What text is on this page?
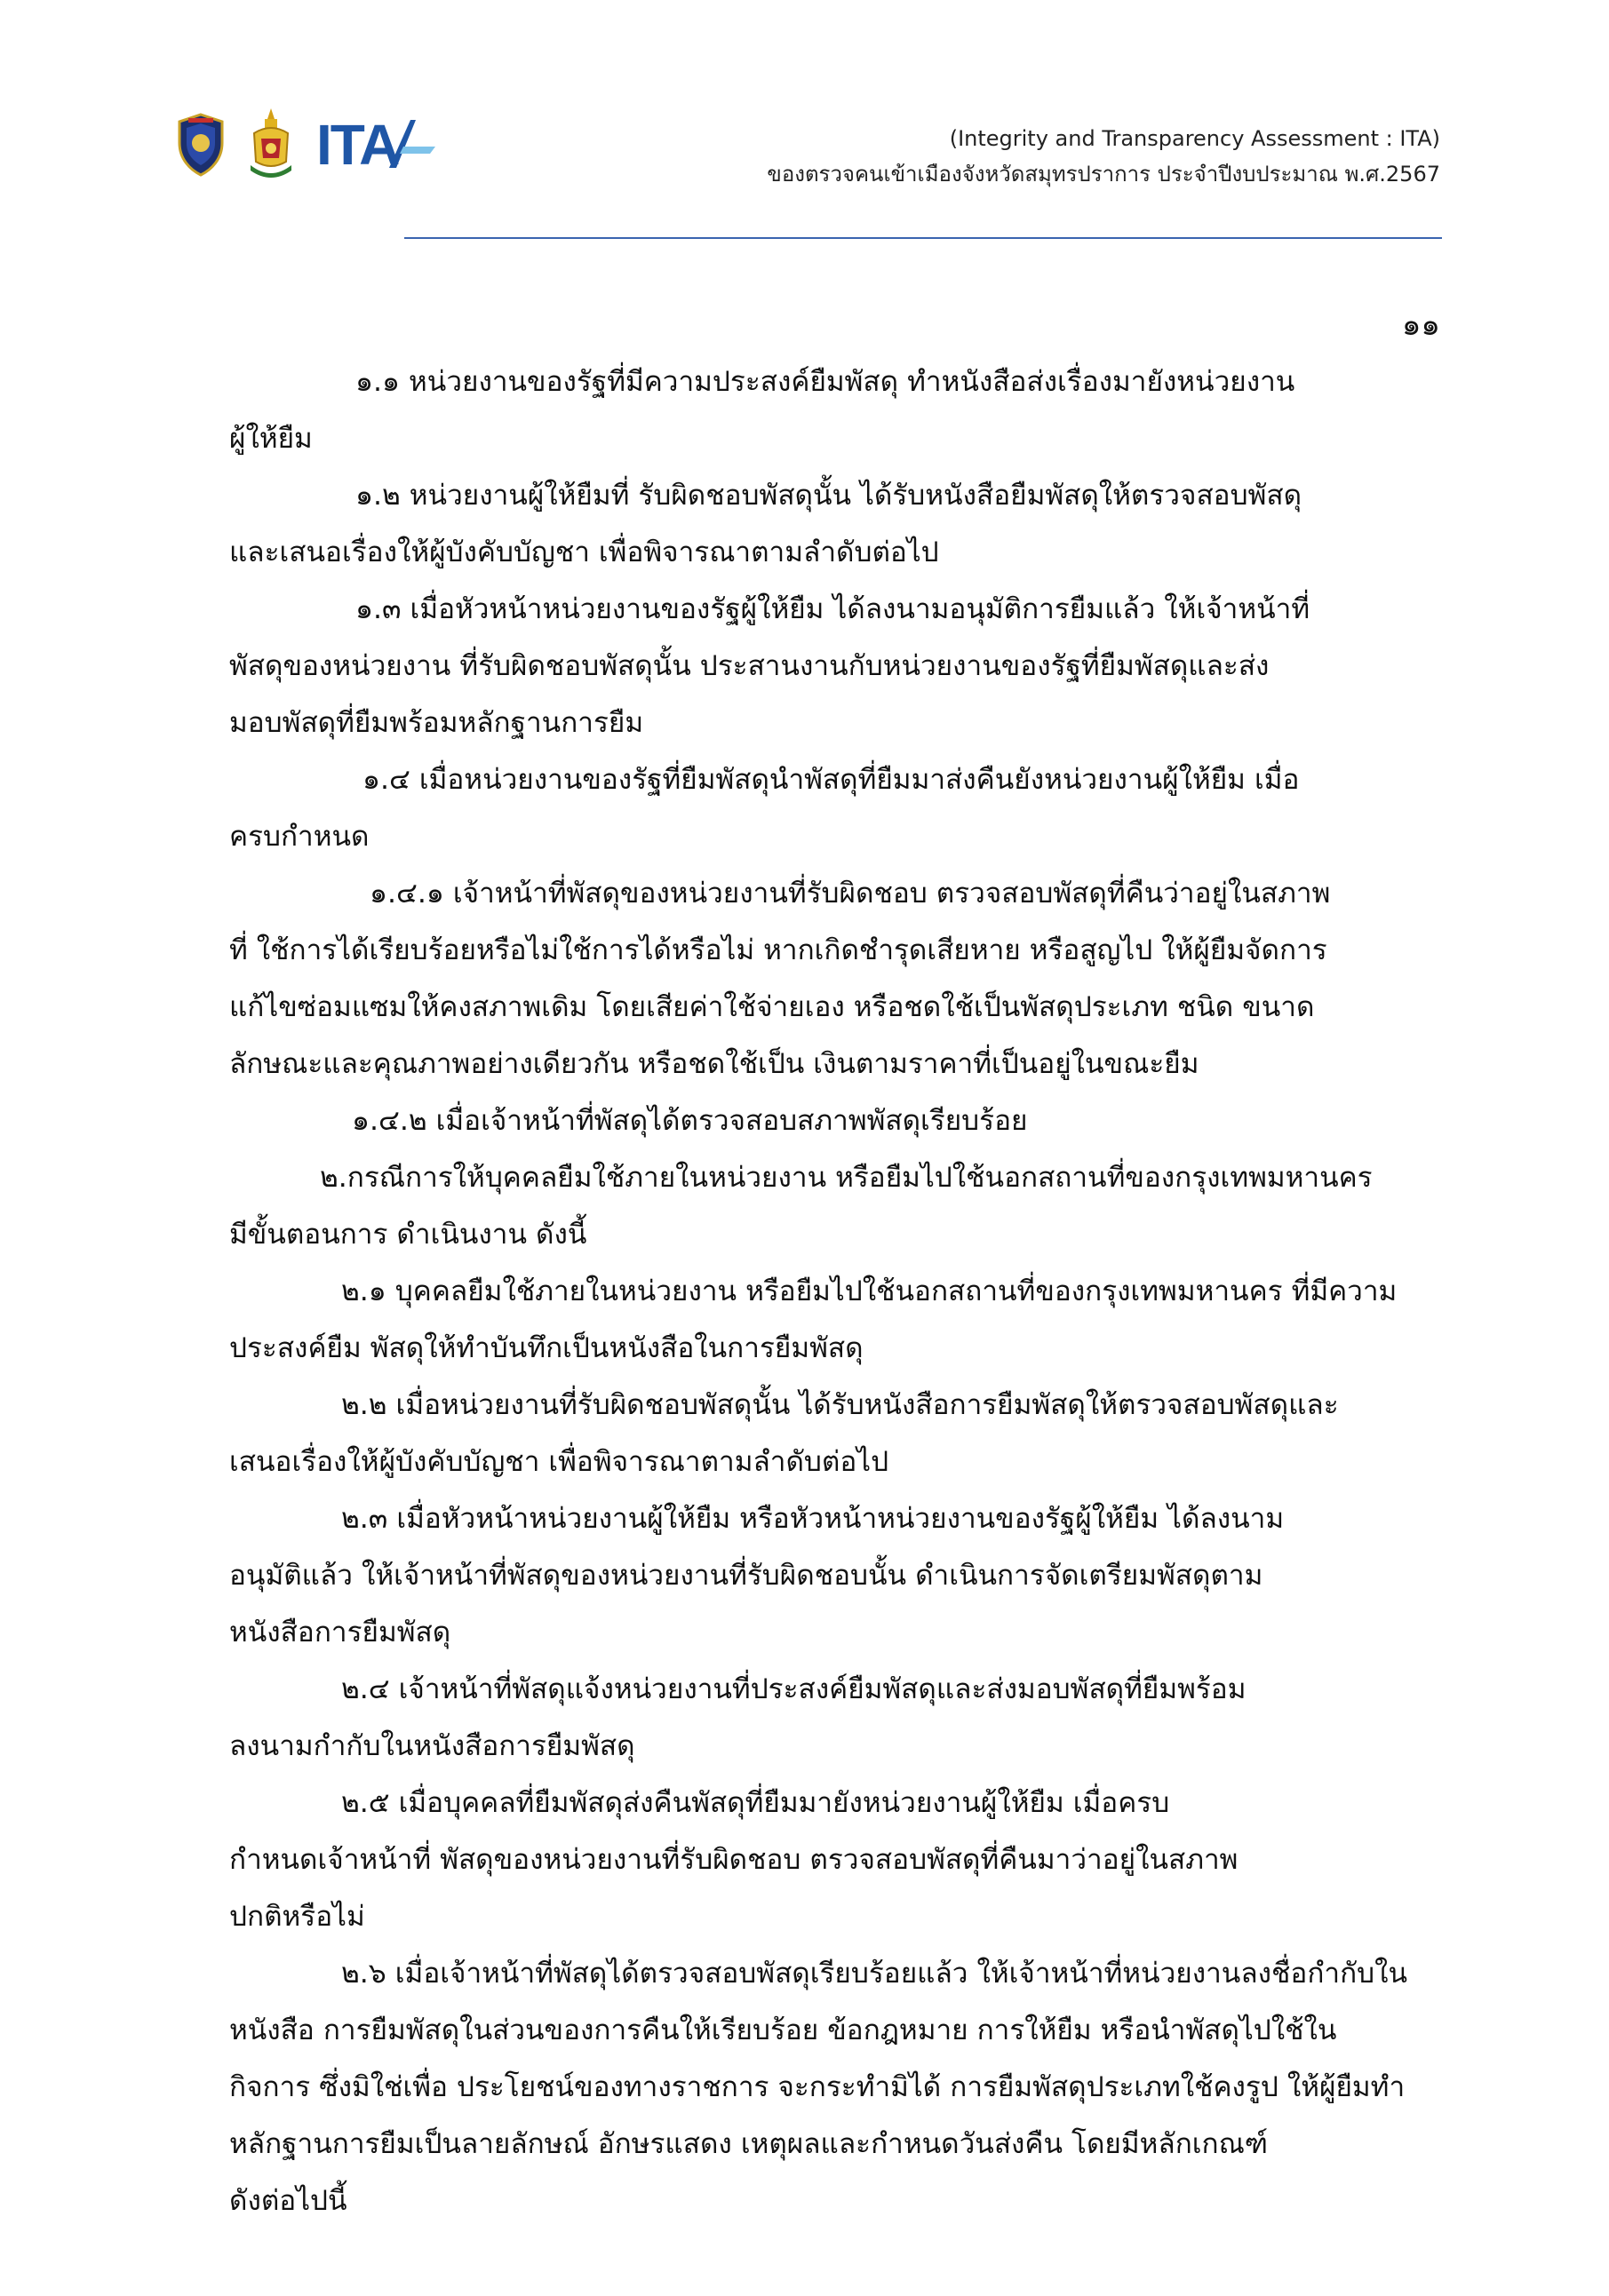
ITA	(Integrity and Transparency Assessment : ITA)
ของตรวจคนเข้าเมืองจังหวัดสมุทรปราการ ประจำปีงบประมาณ พ.ศ.2567
๑๑

๑.๑ หน่วยงานของรัฐที่มีความประสงค์ยืมพัสดุ ทำหนังสือส่งเรื่องมายังหน่วยงาน

ผู้ให้ยืม

๑.๒ หน่วยงานผู้ให้ยืมที่ รับผิดชอบพัสดุนั้น ได้รับหนังสือยืมพัสดุให้ตรวจสอบพัสดุ

และเสนอเรื่องให้ผู้บังคับบัญชา เพื่อพิจารณาตามลำดับต่อไป

๑.๓ เมื่อหัวหน้าหน่วยงานของรัฐผู้ให้ยืม ได้ลงนามอนุมัติการยืมแล้ว ให้เจ้าหน้าที่

พัสดุของหน่วยงาน ที่รับผิดชอบพัสดุนั้น ประสานงานกับหน่วยงานของรัฐที่ยืมพัสดุและส่ง

มอบพัสดุที่ยืมพร้อมหลักฐานการยืม

๑.๔ เมื่อหน่วยงานของรัฐที่ยืมพัสดุนำพัสดุที่ยืมมาส่งคืนยังหน่วยงานผู้ให้ยืม เมื่อ

ครบกำหนด

๑.๔.๑ เจ้าหน้าที่พัสดุของหน่วยงานที่รับผิดชอบ ตรวจสอบพัสดุที่คืนว่าอยู่ในสภาพ

ที่ ใช้การได้เรียบร้อยหรือไม่ใช้การได้หรือไม่ หากเกิดชำรุดเสียหาย หรือสูญไป ให้ผู้ยืมจัดการ

แก้ไขซ่อมแซมให้คงสภาพเดิม โดยเสียค่าใช้จ่ายเอง หรือชดใช้เป็นพัสดุประเภท ชนิด ขนาด

ลักษณะและคุณภาพอย่างเดียวกัน หรือชดใช้เป็น เงินตามราคาที่เป็นอยู่ในขณะยืม

๑.๔.๒ เมื่อเจ้าหน้าที่พัสดุได้ตรวจสอบสภาพพัสดุเรียบร้อย

๒.กรณีการให้บุคคลยืมใช้ภายในหน่วยงาน หรือยืมไปใช้นอกสถานที่ของกรุงเทพมหานคร

มีขั้นตอนการ ดำเนินงาน ดังนี้

๒.๑ บุคคลยืมใช้ภายในหน่วยงาน หรือยืมไปใช้นอกสถานที่ของกรุงเทพมหานคร ที่มีความ

ประสงค์ยืม พัสดุให้ทำบันทึกเป็นหนังสือในการยืมพัสดุ

๒.๒ เมื่อหน่วยงานที่รับผิดชอบพัสดุนั้น ได้รับหนังสือการยืมพัสดุให้ตรวจสอบพัสดุและ

เสนอเรื่องให้ผู้บังคับบัญชา เพื่อพิจารณาตามลำดับต่อไป

๒.๓ เมื่อหัวหน้าหน่วยงานผู้ให้ยืม หรือหัวหน้าหน่วยงานของรัฐผู้ให้ยืม ได้ลงนาม

อนุมัติแล้ว ให้เจ้าหน้าที่พัสดุของหน่วยงานที่รับผิดชอบนั้น ดำเนินการจัดเตรียมพัสดุตาม

หนังสือการยืมพัสดุ

๒.๔ เจ้าหน้าที่พัสดุแจ้งหน่วยงานที่ประสงค์ยืมพัสดุและส่งมอบพัสดุที่ยืมพร้อม

ลงนามกำกับในหนังสือการยืมพัสดุ

๒.๕ เมื่อบุคคลที่ยืมพัสดุส่งคืนพัสดุที่ยืมมายังหน่วยงานผู้ให้ยืม เมื่อครบ

กำหนดเจ้าหน้าที่ พัสดุของหน่วยงานที่รับผิดชอบ ตรวจสอบพัสดุที่คืนมาว่าอยู่ในสภาพ

ปกติหรือไม่

๒.๖ เมื่อเจ้าหน้าที่พัสดุได้ตรวจสอบพัสดุเรียบร้อยแล้ว ให้เจ้าหน้าที่หน่วยงานลงชื่อกำกับใน

หนังสือ การยืมพัสดุในส่วนของการคืนให้เรียบร้อย ข้อกฎหมาย การให้ยืม หรือนำพัสดุไปใช้ใน

กิจการ ซึ่งมิใช่เพื่อ ประโยชน์ของทางราชการ จะกระทำมิได้ การยืมพัสดุประเภทใช้คงรูป ให้ผู้ยืมทำ

หลักฐานการยืมเป็นลายลักษณ์ อักษรแสดง เหตุผลและกำหนดวันส่งคืน โดยมีหลักเกณฑ์

ดังต่อไปนี้
